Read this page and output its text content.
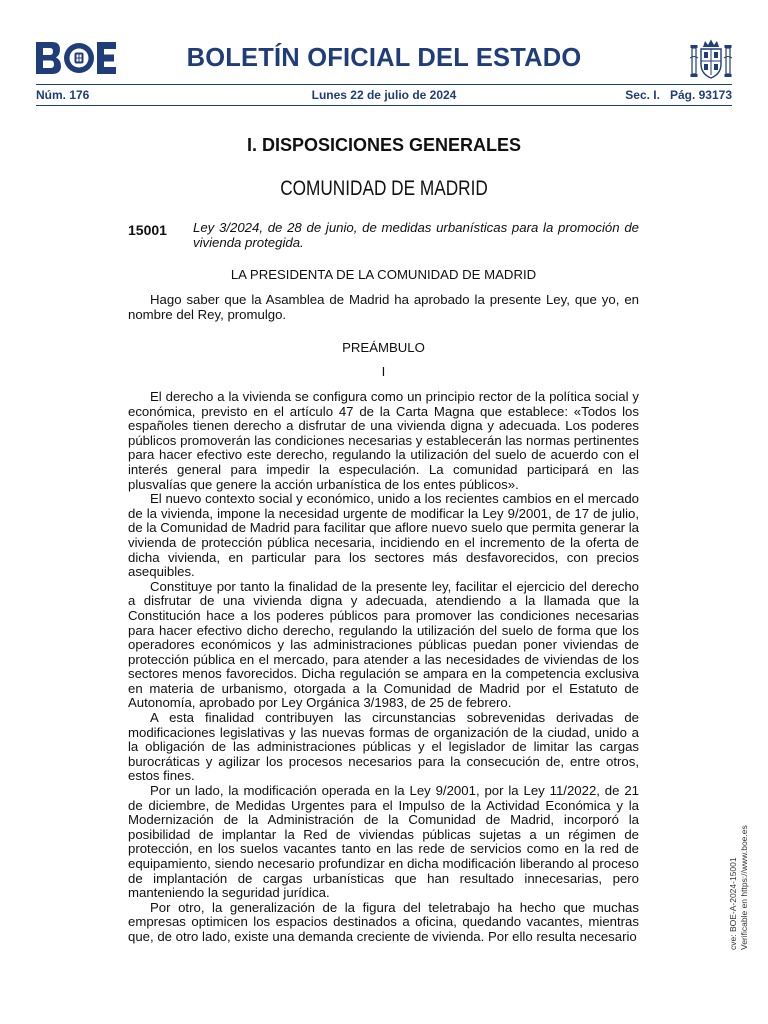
BOLETÍN OFICIAL DEL ESTADO
Núm. 176	Lunes 22 de julio de 2024	Sec. I.   Pág. 93173
I. DISPOSICIONES GENERALES
COMUNIDAD DE MADRID
15001 Ley 3/2024, de 28 de junio, de medidas urbanísticas para la promoción de vivienda protegida.
LA PRESIDENTA DE LA COMUNIDAD DE MADRID

Hago saber que la Asamblea de Madrid ha aprobado la presente Ley, que yo, en nombre del Rey, promulgo.

PREÁMBULO
I

El derecho a la vivienda se configura como un principio rector de la política social y económica, previsto en el artículo 47 de la Carta Magna que establece: «Todos los españoles tienen derecho a disfrutar de una vivienda digna y adecuada. Los poderes públicos promoverán las condiciones necesarias y establecerán las normas pertinentes para hacer efectivo este derecho, regulando la utilización del suelo de acuerdo con el interés general para impedir la especulación. La comunidad participará en las plusvalías que genere la acción urbanística de los entes públicos».

El nuevo contexto social y económico, unido a los recientes cambios en el mercado de la vivienda, impone la necesidad urgente de modificar la Ley 9/2001, de 17 de julio, de la Comunidad de Madrid para facilitar que aflore nuevo suelo que permita generar la vivienda de protección pública necesaria, incidiendo en el incremento de la oferta de dicha vivienda, en particular para los sectores más desfavorecidos, con precios asequibles.

Constituye por tanto la finalidad de la presente ley, facilitar el ejercicio del derecho a disfrutar de una vivienda digna y adecuada, atendiendo a la llamada que la Constitución hace a los poderes públicos para promover las condiciones necesarias para hacer efectivo dicho derecho, regulando la utilización del suelo de forma que los operadores económicos y las administraciones públicas puedan poner viviendas de protección pública en el mercado, para atender a las necesidades de viviendas de los sectores menos favorecidos. Dicha regulación se ampara en la competencia exclusiva en materia de urbanismo, otorgada a la Comunidad de Madrid por el Estatuto de Autonomía, aprobado por Ley Orgánica 3/1983, de 25 de febrero.

A esta finalidad contribuyen las circunstancias sobrevenidas derivadas de modificaciones legislativas y las nuevas formas de organización de la ciudad, unido a la obligación de las administraciones públicas y el legislador de limitar las cargas burocráticas y agilizar los procesos necesarios para la consecución de, entre otros, estos fines.

Por un lado, la modificación operada en la Ley 9/2001, por la Ley 11/2022, de 21 de diciembre, de Medidas Urgentes para el Impulso de la Actividad Económica y la Modernización de la Administración de la Comunidad de Madrid, incorporó la posibilidad de implantar la Red de viviendas públicas sujetas a un régimen de protección, en los suelos vacantes tanto en las rede de servicios como en la red de equipamiento, siendo necesario profundizar en dicha modificación liberando al proceso de implantación de cargas urbanísticas que han resultado innecesarias, pero manteniendo la seguridad jurídica.

Por otro, la generalización de la figura del teletrabajo ha hecho que muchas empresas optimicen los espacios destinados a oficina, quedando vacantes, mientras que, de otro lado, existe una demanda creciente de vivienda. Por ello resulta necesario	cve: BOE-A-2024-15001 Verificable en https://www.boe.es
